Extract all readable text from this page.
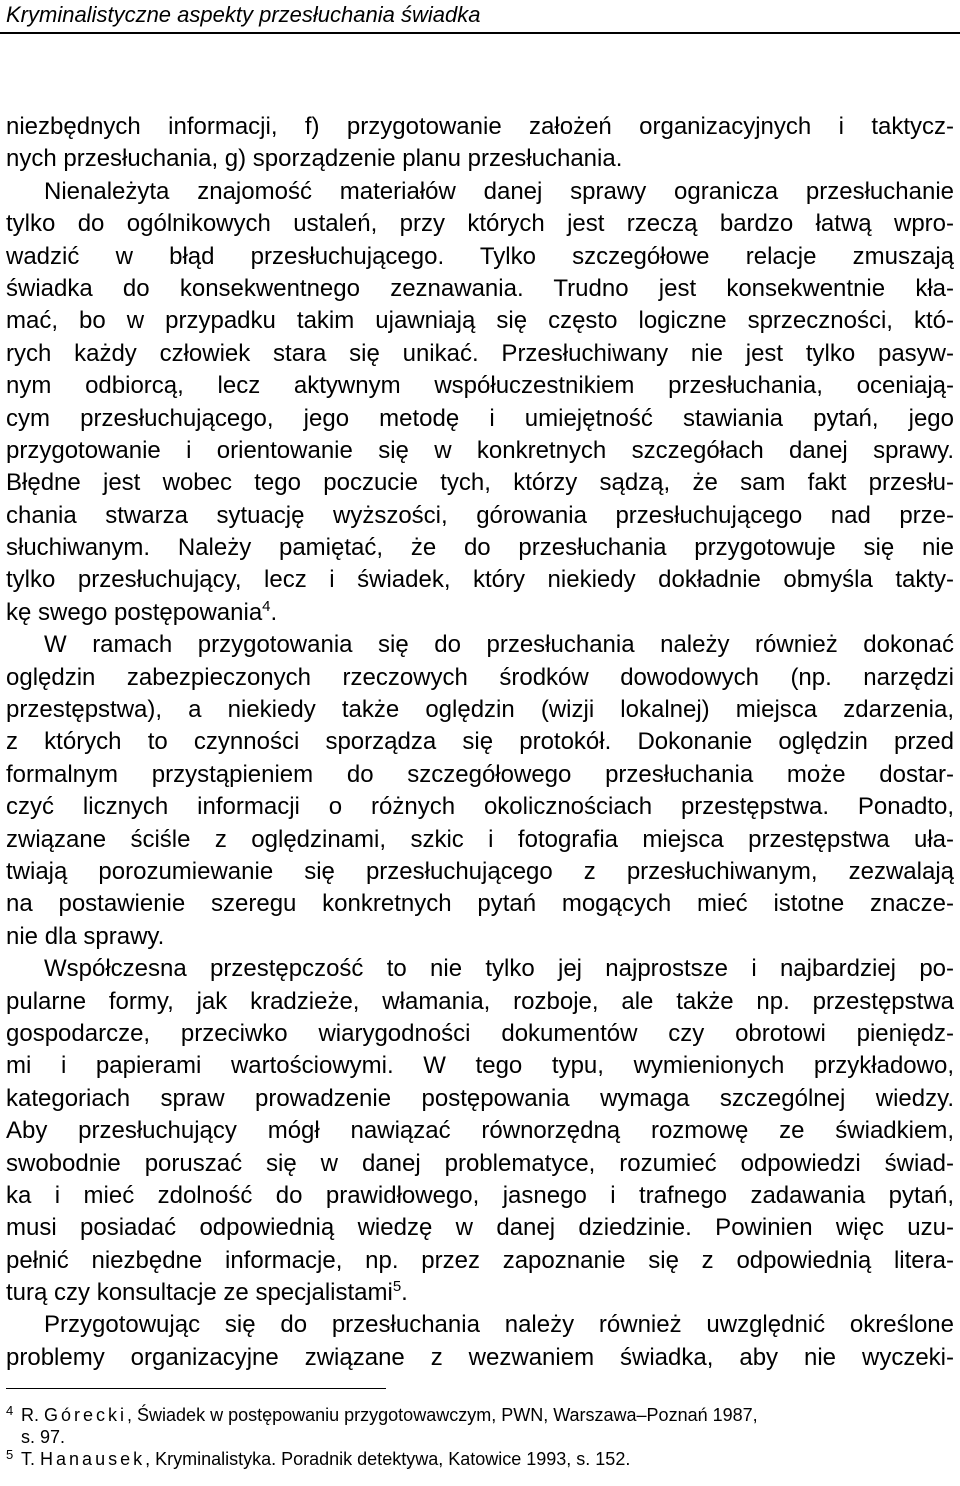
Kryminalistyczne aspekty przesłuchania świadka
niezbędnych informacji, f) przygotowanie założeń organizacyjnych i taktycz-
nych przesłuchania, g) sporządzenie planu przesłuchania.
Nienależyta znajomość materiałów danej sprawy ogranicza przesłuchanie
tylko do ogólnikowych ustaleń, przy których jest rzeczą bardzo łatwą wpro-
wadzić w błąd przesłuchującego. Tylko szczegółowe relacje zmuszają
świadka do konsekwentnego zeznawania. Trudno jest konsekwentnie kła-
mać, bo w przypadku takim ujawniają się często logiczne sprzeczności, któ-
rych każdy człowiek stara się unikać. Przesłuchiwany nie jest tylko pasyw-
nym odbiorcą, lecz aktywnym współuczestnikiem przesłuchania, oceniają-
cym przesłuchującego, jego metodę i umiejętność stawiania pytań, jego
przygotowanie i orientowanie się w konkretnych szczegółach danej sprawy.
Błędne jest wobec tego poczucie tych, którzy sądzą, że sam fakt przesłu-
chania stwarza sytuację wyższości, górowania przesłuchującego nad prze-
słuchiwanym. Należy pamiętać, że do przesłuchania przygotowuje się nie
tylko przesłuchujący, lecz i świadek, który niekiedy dokładnie obmyśla takty-
kę swego postępowania$^4$.
W ramach przygotowania się do przesłuchania należy również dokonać
oględzin zabezpieczonych rzeczowych środków dowodowych (np. narzędzi
przestępstwa), a niekiedy także oględzin (wizji lokalnej) miejsca zdarzenia,
z których to czynności sporządza się protokół. Dokonanie oględzin przed
formalnym przystąpieniem do szczegółowego przesłuchania może dostar-
czyć licznych informacji o różnych okolicznościach przestępstwa. Ponadto,
związane ściśle z oględzinami, szkic i fotografia miejsca przestępstwa uła-
twiają porozumiewanie się przesłuchującego z przesłuchiwanym, zezwalają
na postawienie szeregu konkretnych pytań mogących mieć istotne znacze-
nie dla sprawy.
Współczesna przestępczość to nie tylko jej najprostsze i najbardziej po-
pularne formy, jak kradzieże, włamania, rozboje, ale także np. przestępstwa
gospodarcze, przeciwko wiarygodności dokumentów czy obrotowi pieniędz-
mi i papierami wartościowymi. W tego typu, wymienionych przykładowo,
kategoriach spraw prowadzenie postępowania wymaga szczególnej wiedzy.
Aby przesłuchujący mógł nawiązać równorzędną rozmowę ze świadkiem,
swobodnie poruszać się w danej problematyce, rozumieć odpowiedzi świad-
ka i mieć zdolność do prawidłowego, jasnego i trafnego zadawania pytań,
musi posiadać odpowiednią wiedzę w danej dziedzinie. Powinien więc uzu-
pełnić niezbędne informacje, np. przez zapoznanie się z odpowiednią litera-
turą czy konsultacje ze specjalistami$^5$.
Przygotowując się do przesłuchania należy również uwzględnić określone
problemy organizacyjne związane z wezwaniem świadka, aby nie wyczeki-
4 R. Górecki, Świadek w postępowaniu przygotowawczym, PWN, Warszawa–Poznań 1987,
s. 97.
5 T. Hanausek, Kryminalistyka. Poradnik detektywa, Katowice 1993, s. 152.
